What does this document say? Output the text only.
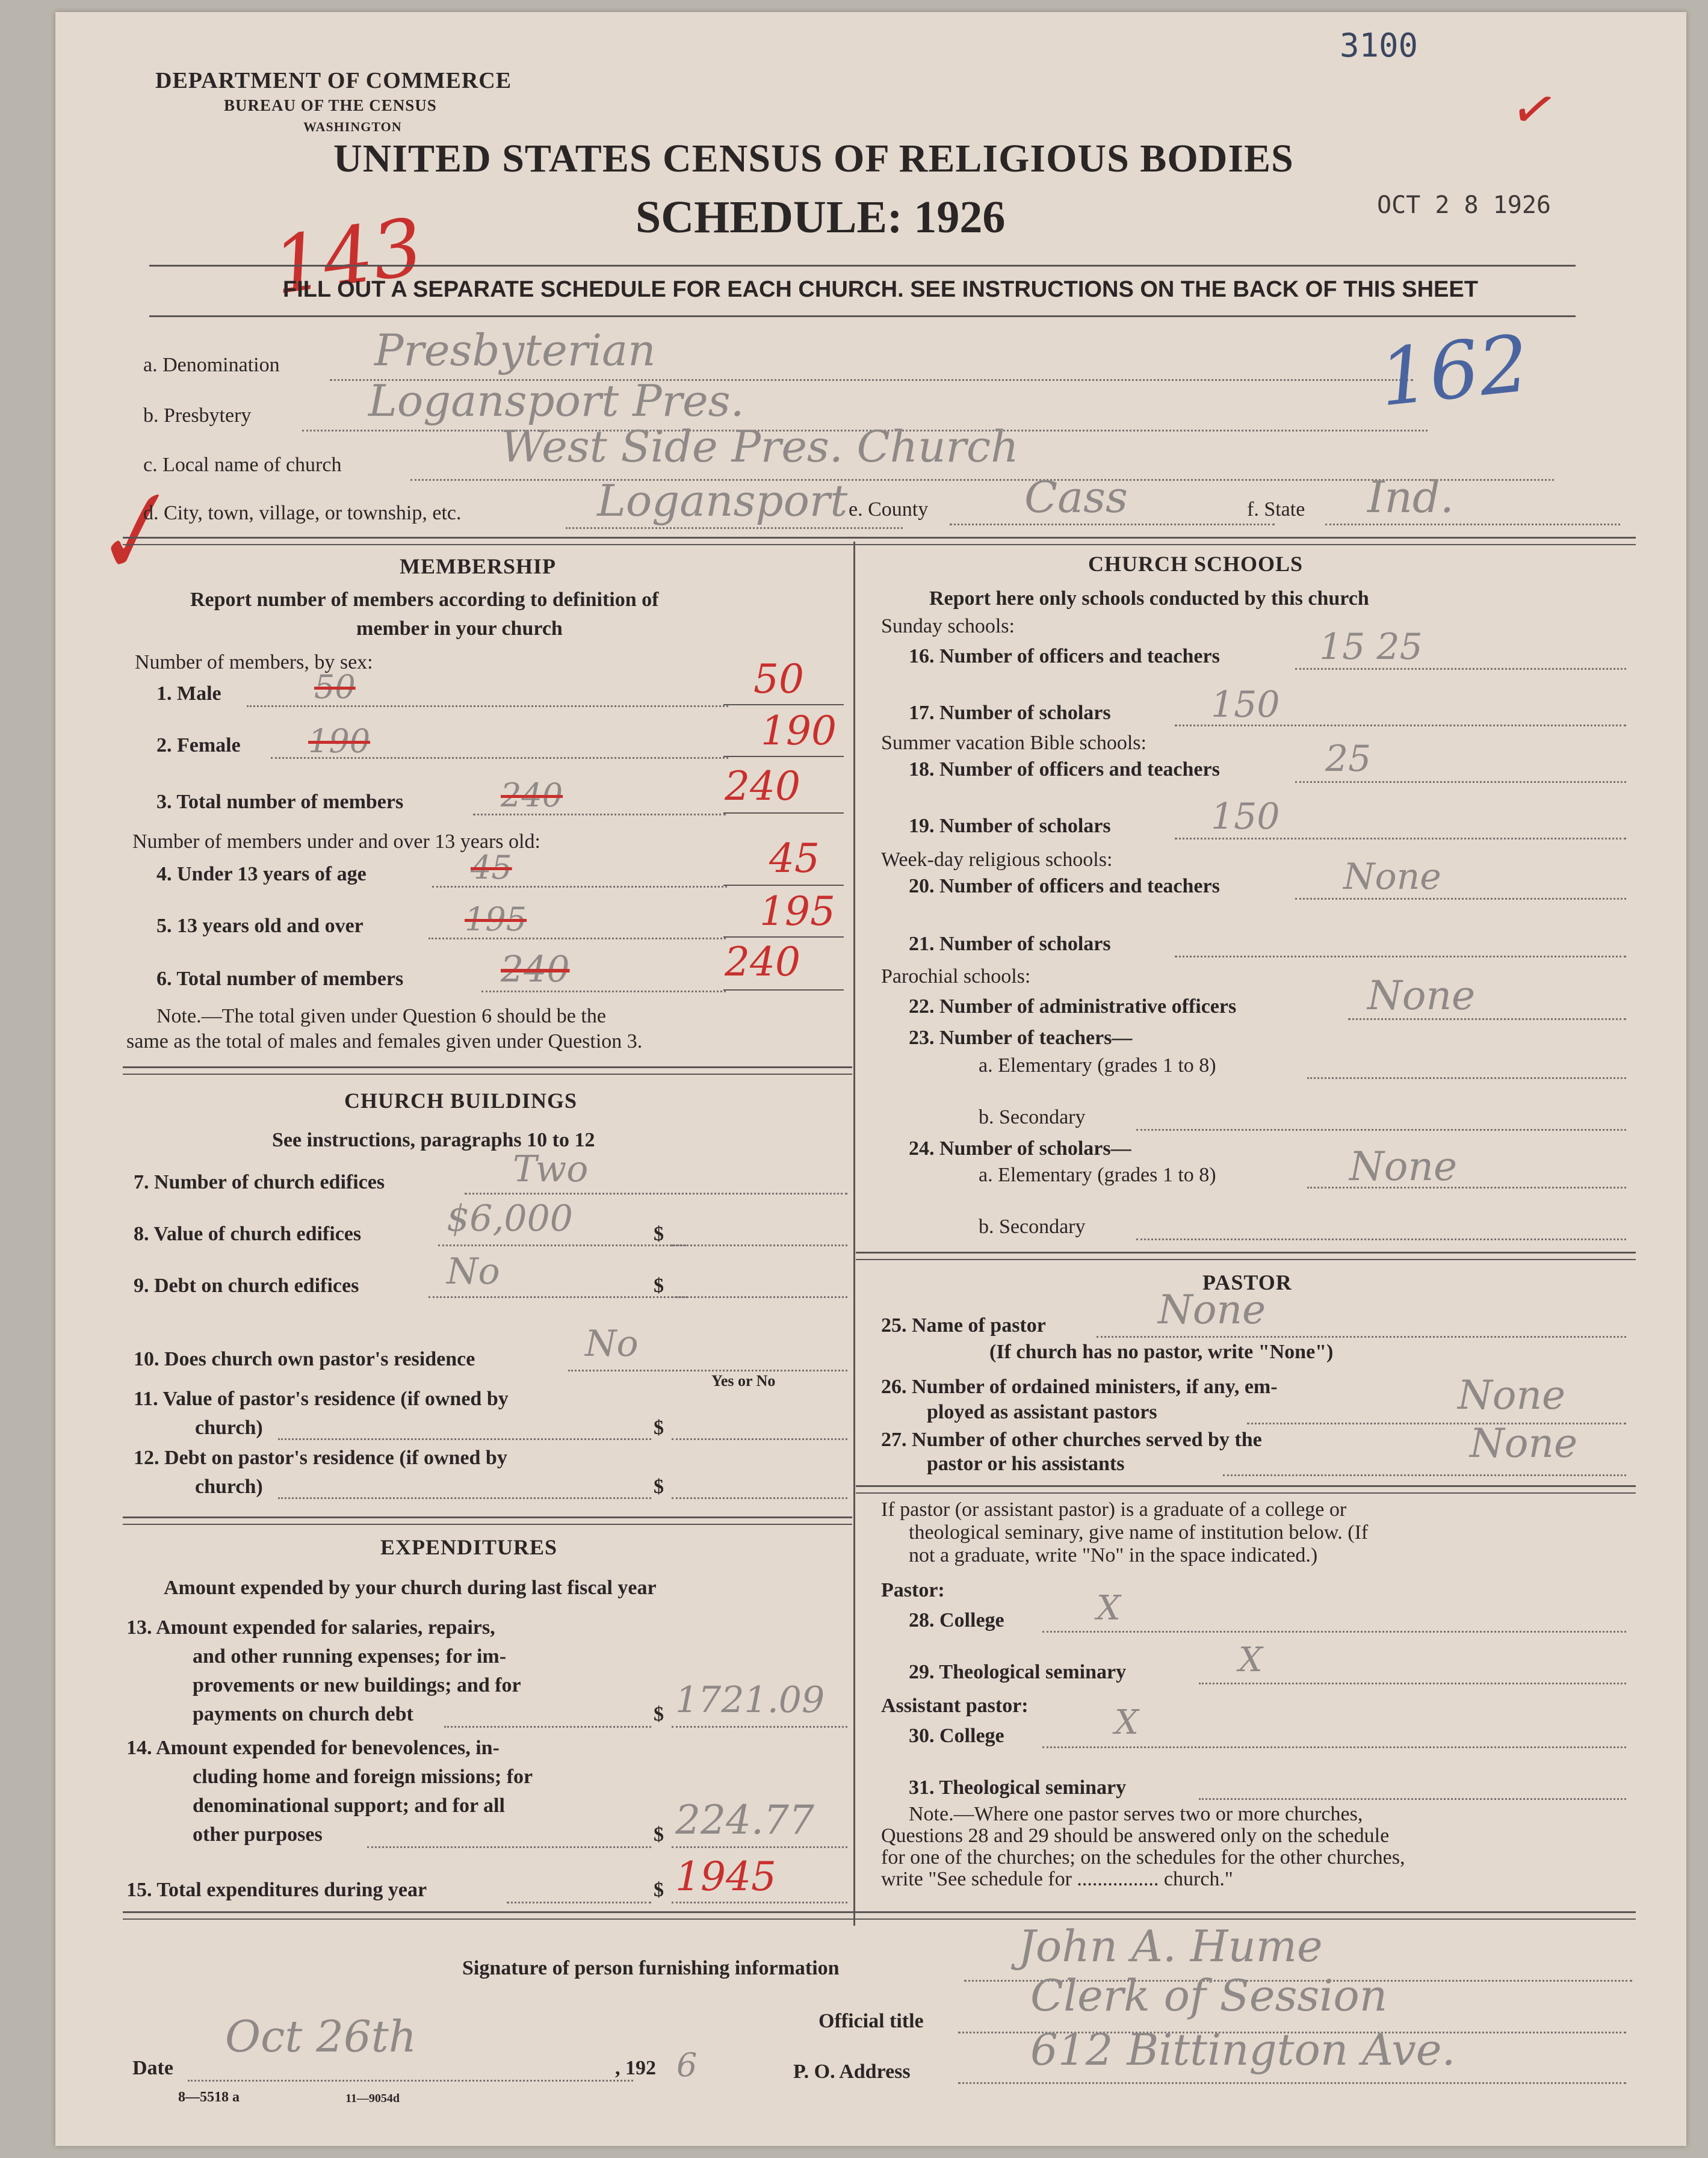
DEPARTMENT OF COMMERCE
BUREAU OF THE CENSUS
WASHINGTON
3100
✓
UNITED STATES CENSUS OF RELIGIOUS BODIES
143	SCHEDULE: 1926	OCT 2 8 1926
FILL OUT A SEPARATE SCHEDULE FOR EACH CHURCH. SEE INSTRUCTIONS ON THE BACK OF THIS SHEET
a. Denomination Presbyterian	162
b. Presbytery	Logansport Pres.
c. Local name of church	West Side Pres. Church
✓
d. City, town, village, or township, etc.	Logansport e. County Cass	f. State Ind.
MEMBERSHIP
Report number of members according to definition of
member in your church
Number of members, by sex:
1. Male	50	50
2. Female 190	190
3. Total number of members	240	240
Number of members under and over 13 years old:
4. Under 13 years of age	45	45
5. 13 years old and over	195	195
6. Total number of members	240	240
Note.—The total given under Question 6 should be the
same as the total of males and females given under Question 3.
CHURCH BUILDINGS
See instructions, paragraphs 10 to 12
7. Number of church edifices	Two
8. Value of church edifices $6,000	$
9. Debt on church edifices No	$
10. Does church own pastor's residence	No
Yes or No
11. Value of pastor's residence (if owned by
church)	$
12. Debt on pastor's residence (if owned by
church)	$
EXPENDITURES
Amount expended by your church during last fiscal year
13. Amount expended for salaries, repairs,
and other running expenses; for im-
provements or new buildings; and for
payments on church debt	$ 1721.09
14. Amount expended for benevolences, in-
cluding home and foreign missions; for
denominational support; and for all
other purposes	$ 224.77
15. Total expenditures during year	$ 1945
CHURCH SCHOOLS
Report here only schools conducted by this church
Sunday schools:
16. Number of officers and teachers	15 25
17. Number of scholars	150
Summer vacation Bible schools:
18. Number of officers and teachers	25
19. Number of scholars	150
Week-day religious schools:
20. Number of officers and teachers	None
21. Number of scholars
Parochial schools:
22. Number of administrative officers	None
23. Number of teachers—
a. Elementary (grades 1 to 8)
b. Secondary
24. Number of scholars—
a. Elementary (grades 1 to 8)	None
b. Secondary
PASTOR
25. Name of pastor	None
(If church has no pastor, write "None")
26. Number of ordained ministers, if any, em-
ployed as assistant pastors	None
27. Number of other churches served by the
pastor or his assistants	None
If pastor (or assistant pastor) is a graduate of a college or
theological seminary, give name of institution below. (If
not a graduate, write "No" in the space indicated.)
Pastor:
28. College	X
29. Theological seminary	X
Assistant pastor:
30. College	X
31. Theological seminary
Note.—Where one pastor serves two or more churches,
Questions 28 and 29 should be answered only on the schedule
for one of the churches; on the schedules for the other churches,
write "See schedule for ................ church."
Signature of person furnishing information	John A. Hume
Official title
Clerk of Session
Date
Oct 26th
, 192 6	P. O. Address	612 Bittington Ave.
8—5518 a	11—9054d
